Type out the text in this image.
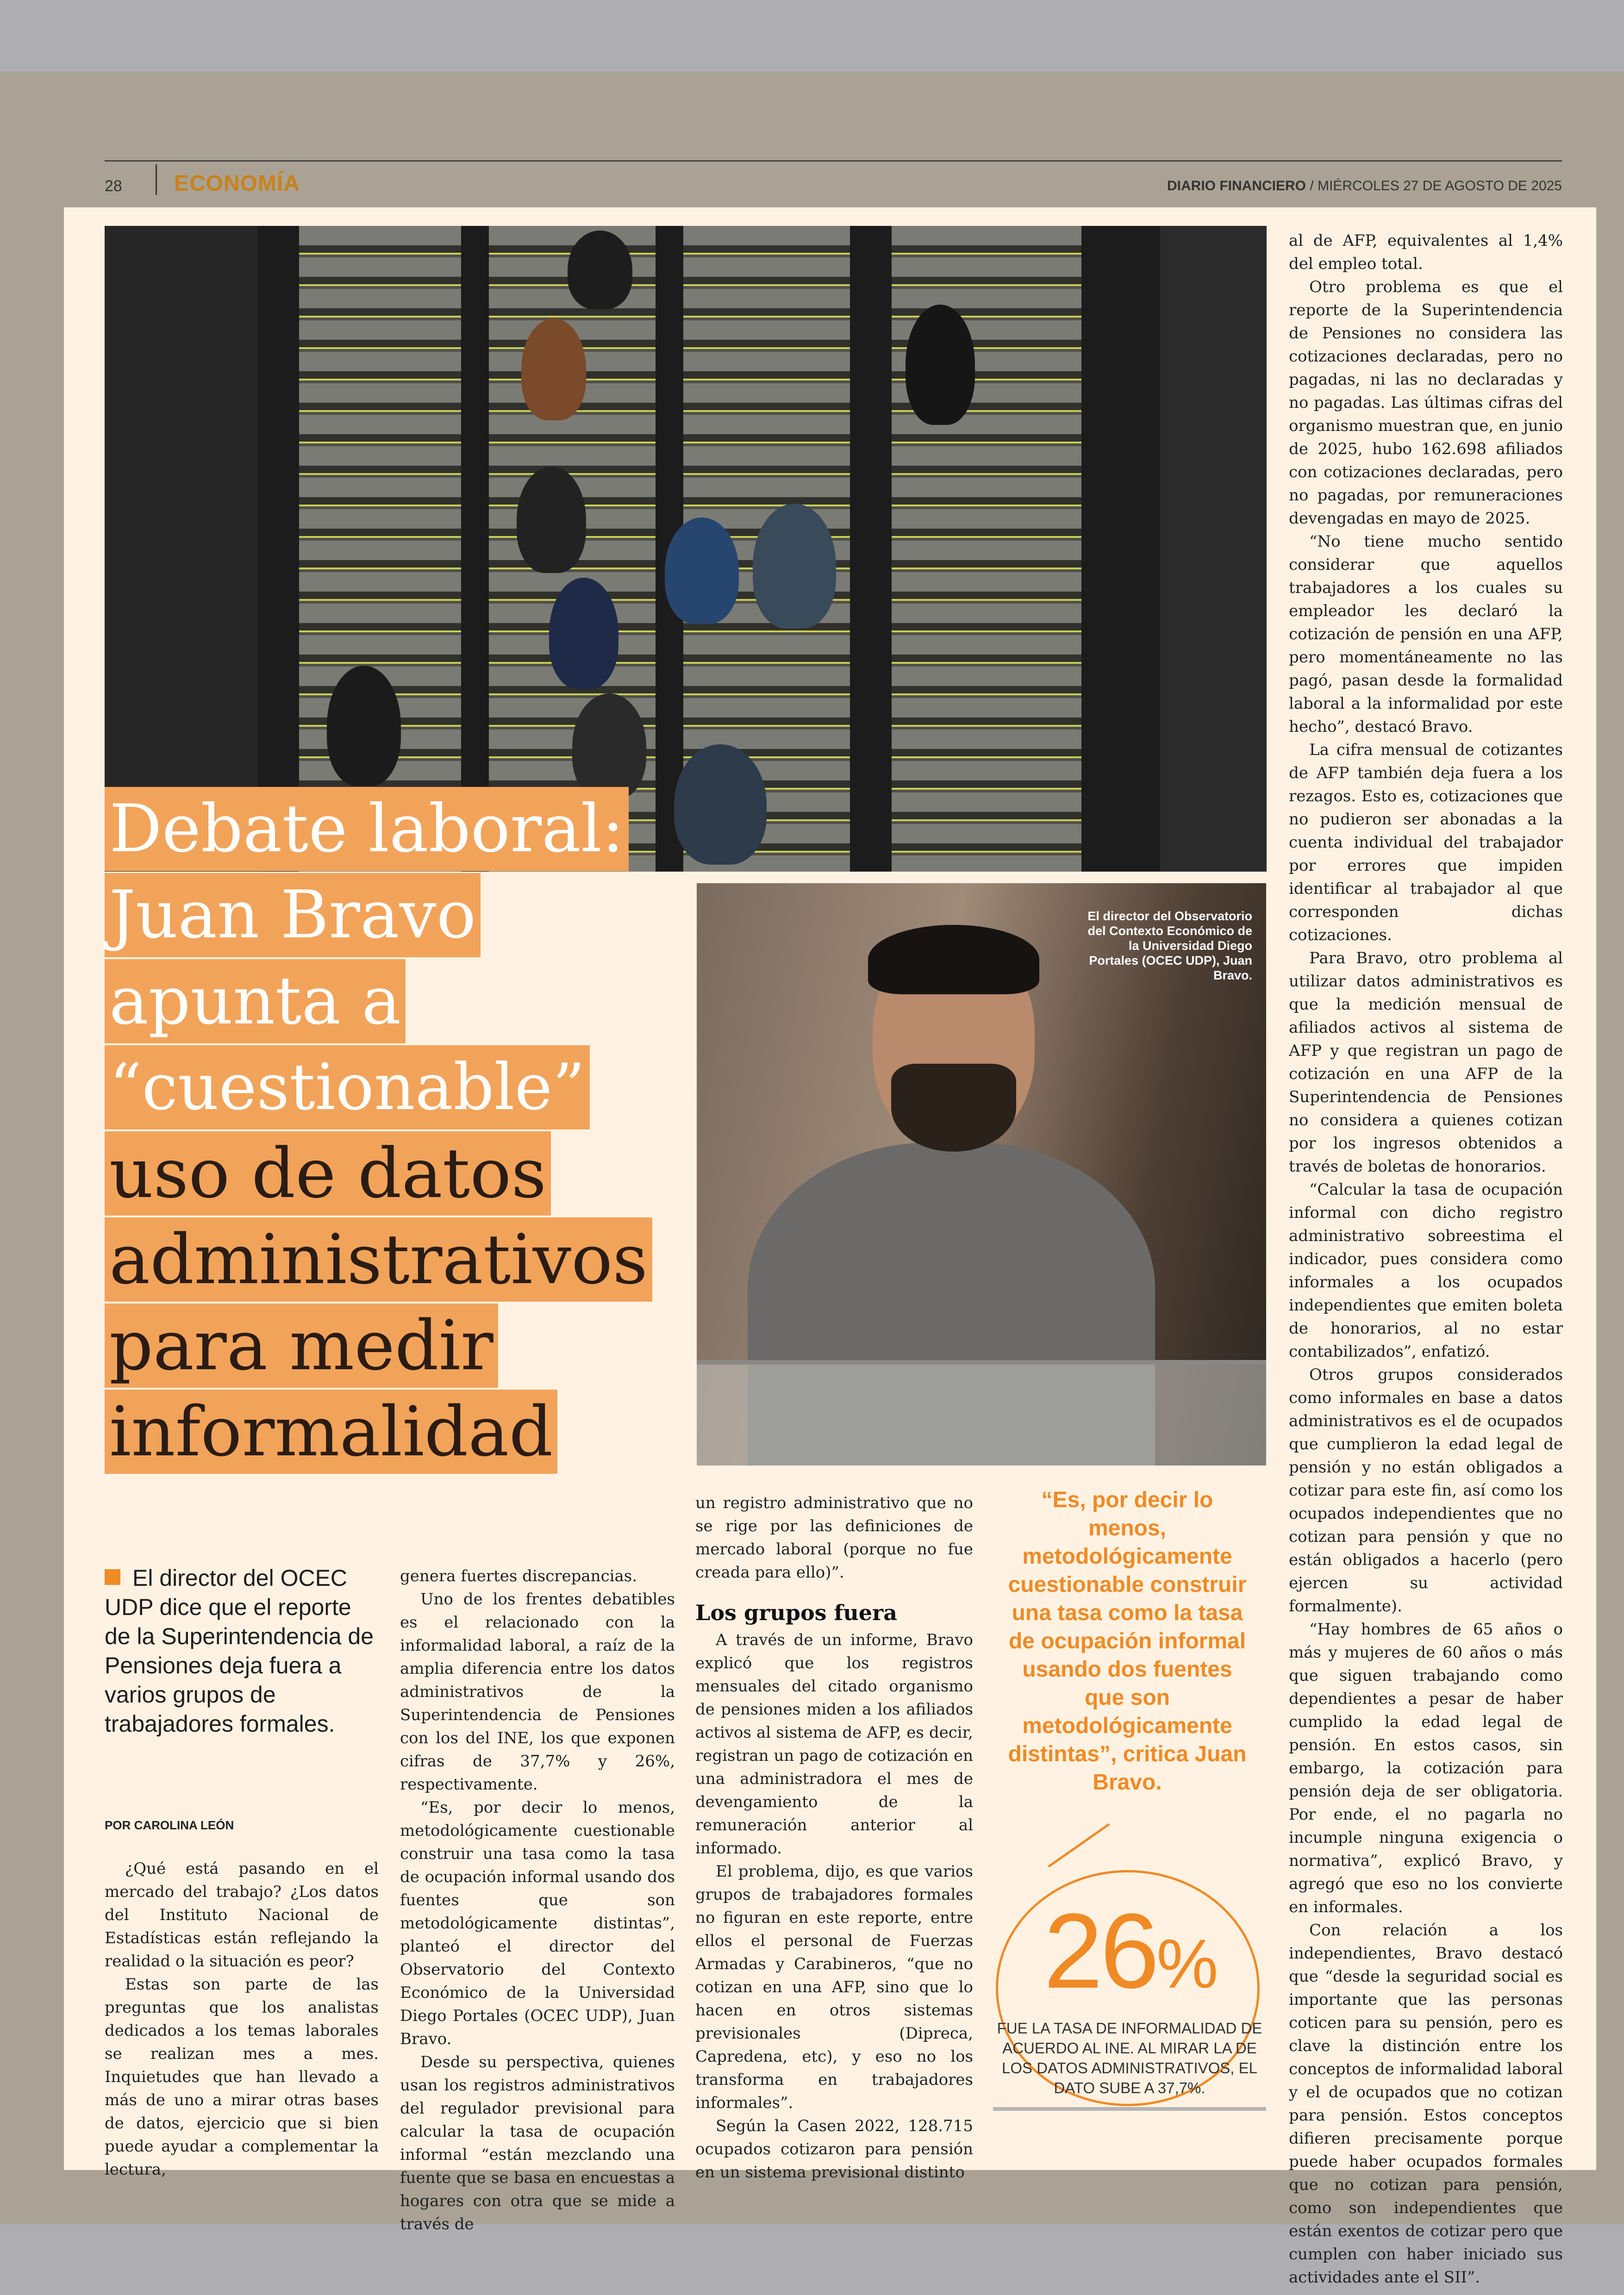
28 ECONOMÍA	DIARIO FINANCIERO / MIÉRCOLES 27 DE AGOSTO DE 2025
El director del Observatorio del Contexto Económico de la Universidad Diego Portales (OCEC UDP), Juan Bravo.
Debate laboral:
Juan Bravo
apunta a
“cuestionable”
uso de datos
administrativos
para medir
informalidad
El director del OCEC UDP dice que el reporte de la Superintendencia de Pensiones deja fuera a varios grupos de trabajadores formales.
POR CAROLINA LEÓN

¿Qué está pasando en el mercado del trabajo? ¿Los datos del Instituto Nacional de Estadísticas están reflejando la realidad o la situación es peor?

Estas son parte de las preguntas que los analistas dedicados a los temas laborales se realizan mes a mes. Inquietudes que han llevado a más de uno a mirar otras bases de datos, ejercicio que si bien puede ayudar a complementar la lectura,

genera fuertes discrepancias.

Uno de los frentes debatibles es el relacionado con la informalidad laboral, a raíz de la amplia diferencia entre los datos administrativos de la Superintendencia de Pensiones con los del INE, los que exponen cifras de 37,7% y 26%, respectivamente.

“Es, por decir lo menos, metodológicamente cuestionable construir una tasa como la tasa de ocupación informal usando dos fuentes que son metodológicamente distintas”, planteó el director del Observatorio del Contexto Económico de la Universidad Diego Portales (OCEC UDP), Juan Bravo.

Desde su perspectiva, quienes usan los registros administrativos del regulador previsional para calcular la tasa de ocupación informal “están mezclando una fuente que se basa en encuestas a hogares con otra que se mide a través de

un registro administrativo que no se rige por las definiciones de mercado laboral (porque no fue creada para ello)”.

Los grupos fuera

A través de un informe, Bravo explicó que los registros mensuales del citado organismo de pensiones miden a los afiliados activos al sistema de AFP, es decir, registran un pago de cotización en una administradora el mes de devengamiento de la remuneración anterior al informado.

El problema, dijo, es que varios grupos de trabajadores formales no figuran en este reporte, entre ellos el personal de Fuerzas Armadas y Carabineros, “que no cotizan en una AFP, sino que lo hacen en otros sistemas previsionales (Dipreca, Capredena, etc), y eso no los transforma en trabajadores informales”.

Según la Casen 2022, 128.715 ocupados cotizaron para pensión en un sistema previsional distinto

“Es, por decir lo menos, metodológicamente cuestionable construir una tasa como la tasa de ocupación informal usando dos fuentes que son metodológicamente distintas”, critica Juan Bravo.
26%
FUE LA TASA DE INFORMALIDAD DE ACUERDO AL INE. AL MIRAR LA DE LOS DATOS ADMINISTRATIVOS, EL DATO SUBE A 37,7%.

al de AFP, equivalentes al 1,4% del empleo total.

Otro problema es que el reporte de la Superintendencia de Pensiones no considera las cotizaciones declaradas, pero no pagadas, ni las no declaradas y no pagadas. Las últimas cifras del organismo muestran que, en junio de 2025, hubo 162.698 afiliados con cotizaciones declaradas, pero no pagadas, por remuneraciones devengadas en mayo de 2025.

“No tiene mucho sentido considerar que aquellos trabajadores a los cuales su empleador les declaró la cotización de pensión en una AFP, pero momentáneamente no las pagó, pasan desde la formalidad laboral a la informalidad por este hecho”, destacó Bravo.

La cifra mensual de cotizantes de AFP también deja fuera a los rezagos. Esto es, cotizaciones que no pudieron ser abonadas a la cuenta individual del trabajador por errores que impiden identificar al trabajador al que corresponden dichas cotizaciones.

Para Bravo, otro problema al utilizar datos administrativos es que la medición mensual de afiliados activos al sistema de AFP y que registran un pago de cotización en una AFP de la Superintendencia de Pensiones no considera a quienes cotizan por los ingresos obtenidos a través de boletas de honorarios.

“Calcular la tasa de ocupación informal con dicho registro administrativo sobreestima el indicador, pues considera como informales a los ocupados independientes que emiten boleta de honorarios, al no estar contabilizados”, enfatizó.

Otros grupos considerados como informales en base a datos administrativos es el de ocupados que cumplieron la edad legal de pensión y no están obligados a cotizar para este fin, así como los ocupados independientes que no cotizan para pensión y que no están obligados a hacerlo (pero ejercen su actividad formalmente).

“Hay hombres de 65 años o más y mujeres de 60 años o más que siguen trabajando como dependientes a pesar de haber cumplido la edad legal de pensión. En estos casos, sin embargo, la cotización para pensión deja de ser obligatoria. Por ende, el no pagarla no incumple ninguna exigencia o normativa”, explicó Bravo, y agregó que eso no los convierte en informales.

Con relación a los independientes, Bravo destacó que “desde la seguridad social es importante que las personas coticen para su pensión, pero es clave la distinción entre los conceptos de informalidad laboral y el de ocupados que no cotizan para pensión. Estos conceptos difieren precisamente porque puede haber ocupados formales que no cotizan para pensión, como son independientes que están exentos de cotizar pero que cumplen con haber iniciado sus actividades ante el SII”.
